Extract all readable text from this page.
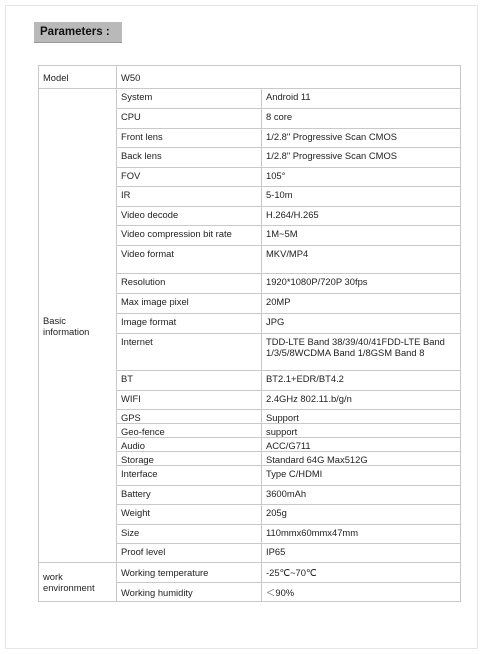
Parameters :
Model	W50	
Basic information	System	Android 11
	CPU	8 core
	Front lens	1/2.8" Progressive Scan CMOS
	Back lens	1/2.8" Progressive Scan CMOS
	FOV	105°
	IR	5-10m
	Video decode	H.264/H.265
	Video compression bit rate	1M~5M
	Video format	MKV/MP4
	Resolution	1920*1080P/720P 30fps
	Max image pixel	20MP
	Image format	JPG
	Internet	TDD-LTE Band 38/39/40/41FDD-LTE Band 1/3/5/8WCDMA Band 1/8GSM Band 8
	BT	BT2.1+EDR/BT4.2
	WIFI	2.4GHz 802.11.b/g/n
	GPS	Support
	Geo-fence	support
	Audio	ACC/G711
	Storage	Standard 64G Max512G
	Interface	Type C/HDMI
	Battery	3600mAh
	Weight	205g
	Size	110mmx60mmx47mm
	Proof level	IP65
work environment	Working temperature	-25℃~70℃
	Working humidity	＜90%
